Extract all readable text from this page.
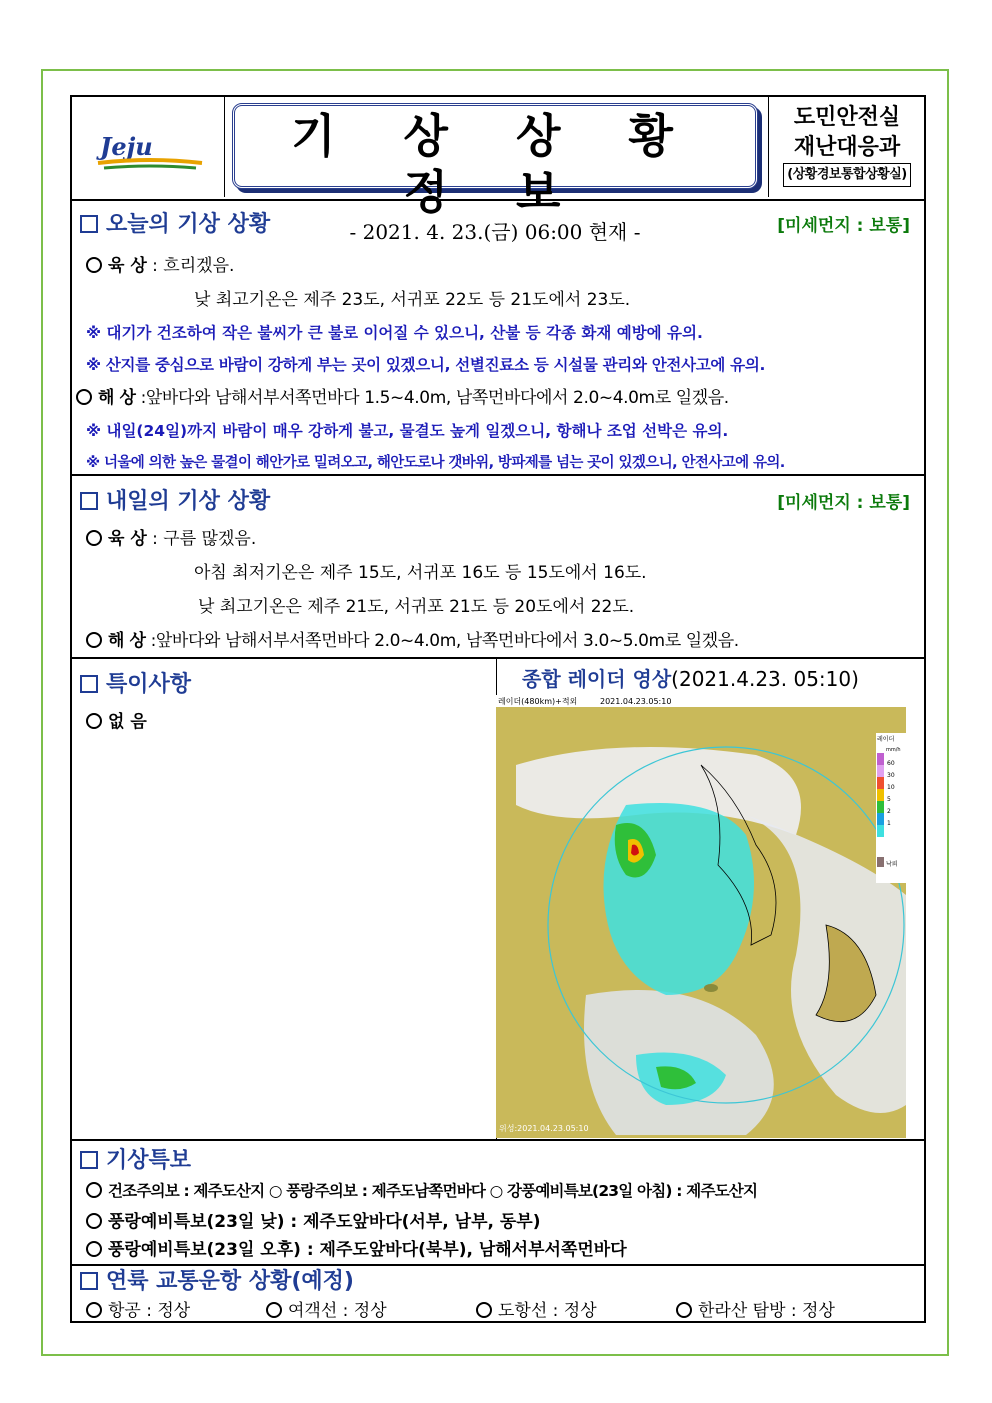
Jeju	기 상 상 황 정 보
- 2021. 4. 23.(금) 06:00 현재 -
도민안전실
재난대응과
(상황경보통합상황실)
오늘의 기상 상황	[미세먼지 : 보통]
육 상 : 흐리겠음.
낮 최고기온은 제주 23도, 서귀포 22도 등 21도에서 23도.
※ 대기가 건조하여 작은 불씨가 큰 불로 이어질 수 있으니, 산불 등 각종 화재 예방에 유의.
※ 산지를 중심으로 바람이 강하게 부는 곳이 있겠으니, 선별진료소 등 시설물 관리와 안전사고에 유의.
해 상 :앞바다와 남해서부서쪽먼바다 1.5~4.0m, 남쪽먼바다에서 2.0~4.0m로 일겠음.
※ 내일(24일)까지 바람이 매우 강하게 불고, 물결도 높게 일겠으니, 항해나 조업 선박은 유의.
※ 너울에 의한 높은 물결이 해안가로 밀려오고, 해안도로나 갯바위, 방파제를 넘는 곳이 있겠으니, 안전사고에 유의.
내일의 기상 상황	[미세먼지 : 보통]
육 상 : 구름 많겠음.
아침 최저기온은 제주 15도, 서귀포 16도 등 15도에서 16도.
낮 최고기온은 제주 21도, 서귀포 21도 등 20도에서 22도.
해 상 :앞바다와 남해서부서쪽먼바다 2.0~4.0m, 남쪽먼바다에서 3.0~5.0m로 일겠음.
특이사항
없 음
종합 레이더 영상(2021.4.23. 05:10)
레이더(480km)+적외	2021.04.23.05:10
레이더
mm/h
60
30
10
5
2
1
낙뢰
위성:2021.04.23.05:10
기상특보
건조주의보 : 제주도산지 ○ 풍랑주의보 : 제주도남쪽먼바다 ○ 강풍예비특보(23일 아침) : 제주도산지
풍랑예비특보(23일 낮) : 제주도앞바다(서부, 남부, 동부)
풍랑예비특보(23일 오후) : 제주도앞바다(북부), 남해서부서쪽먼바다
연륙 교통운항 상황(예정)
항공 : 정상	여객선 : 정상	도항선 : 정상	한라산 탐방 : 정상
